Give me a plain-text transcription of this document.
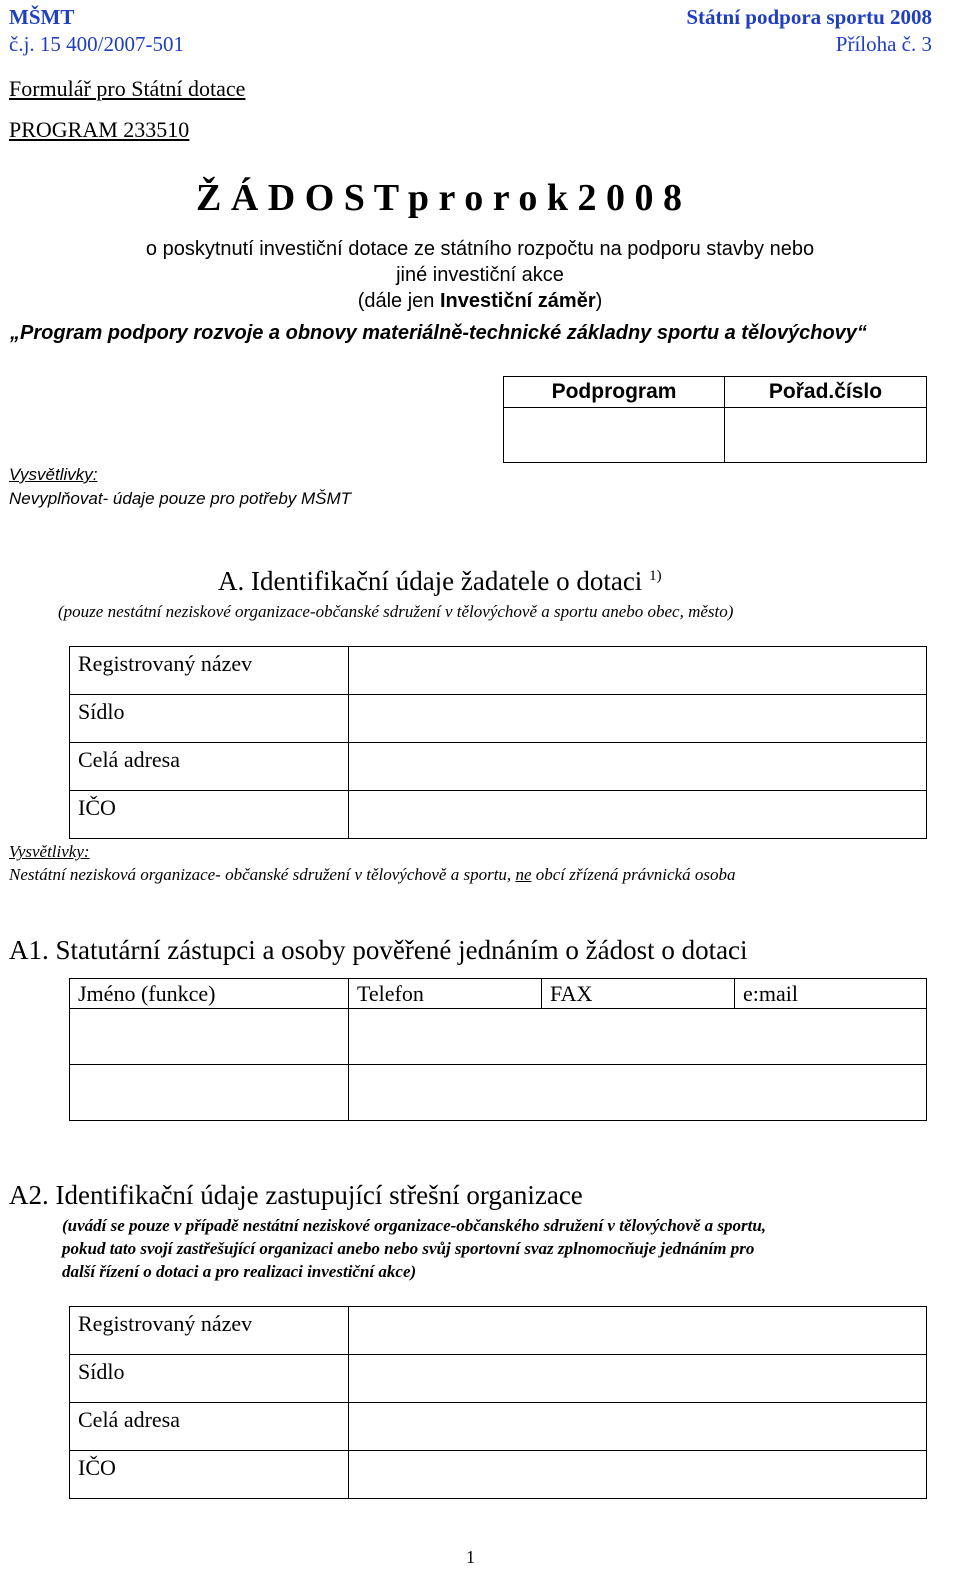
MŠMT
č.j. 15 400/2007-501
Státní podpora sportu 2008
Příloha č. 3
Formulář pro Státní dotace
PROGRAM 233510
Ž Á D O S T p r o r o k 2 0 0 8
o poskytnutí investiční dotace ze státního rozpočtu na podporu stavby nebo
jiné investiční akce
(dále jen Investiční záměr)
„Program podpory rozvoje a obnovy materiálně-technické základny sportu a tělovýchovy“
Podprogram	Pořad.číslo

Vysvětlivky:
Nevyplňovat- údaje pouze pro potřeby MŠMT
A. Identifikační údaje žadatele o dotaci $^{1)}$
(pouze nestátní neziskové organizace-občanské sdružení v tělovýchově a sportu anebo obec, město)
Registrovaný název	
Sídlo	
Celá adresa	
IČO	
Vysvětlivky:
Nestátní nezisková organizace- občanské sdružení v tělovýchově a sportu, ne obcí zřízená právnická osoba
A1. Statutární zástupci a osoby pověřené jednáním o žádost o dotaci
Jméno (funkce)	Telefon	FAX	e:mail

A2. Identifikační údaje zastupující střešní organizace
(uvádí se pouze v případě nestátní neziskové organizace-občanského sdružení v tělovýchově a sportu,
pokud tato svojí zastřešující organizaci anebo nebo svůj sportovní svaz zplnomocňuje jednáním pro
další řízení o dotaci a pro realizaci investiční akce)
Registrovaný název	
Sídlo	
Celá adresa	
IČO	
1
